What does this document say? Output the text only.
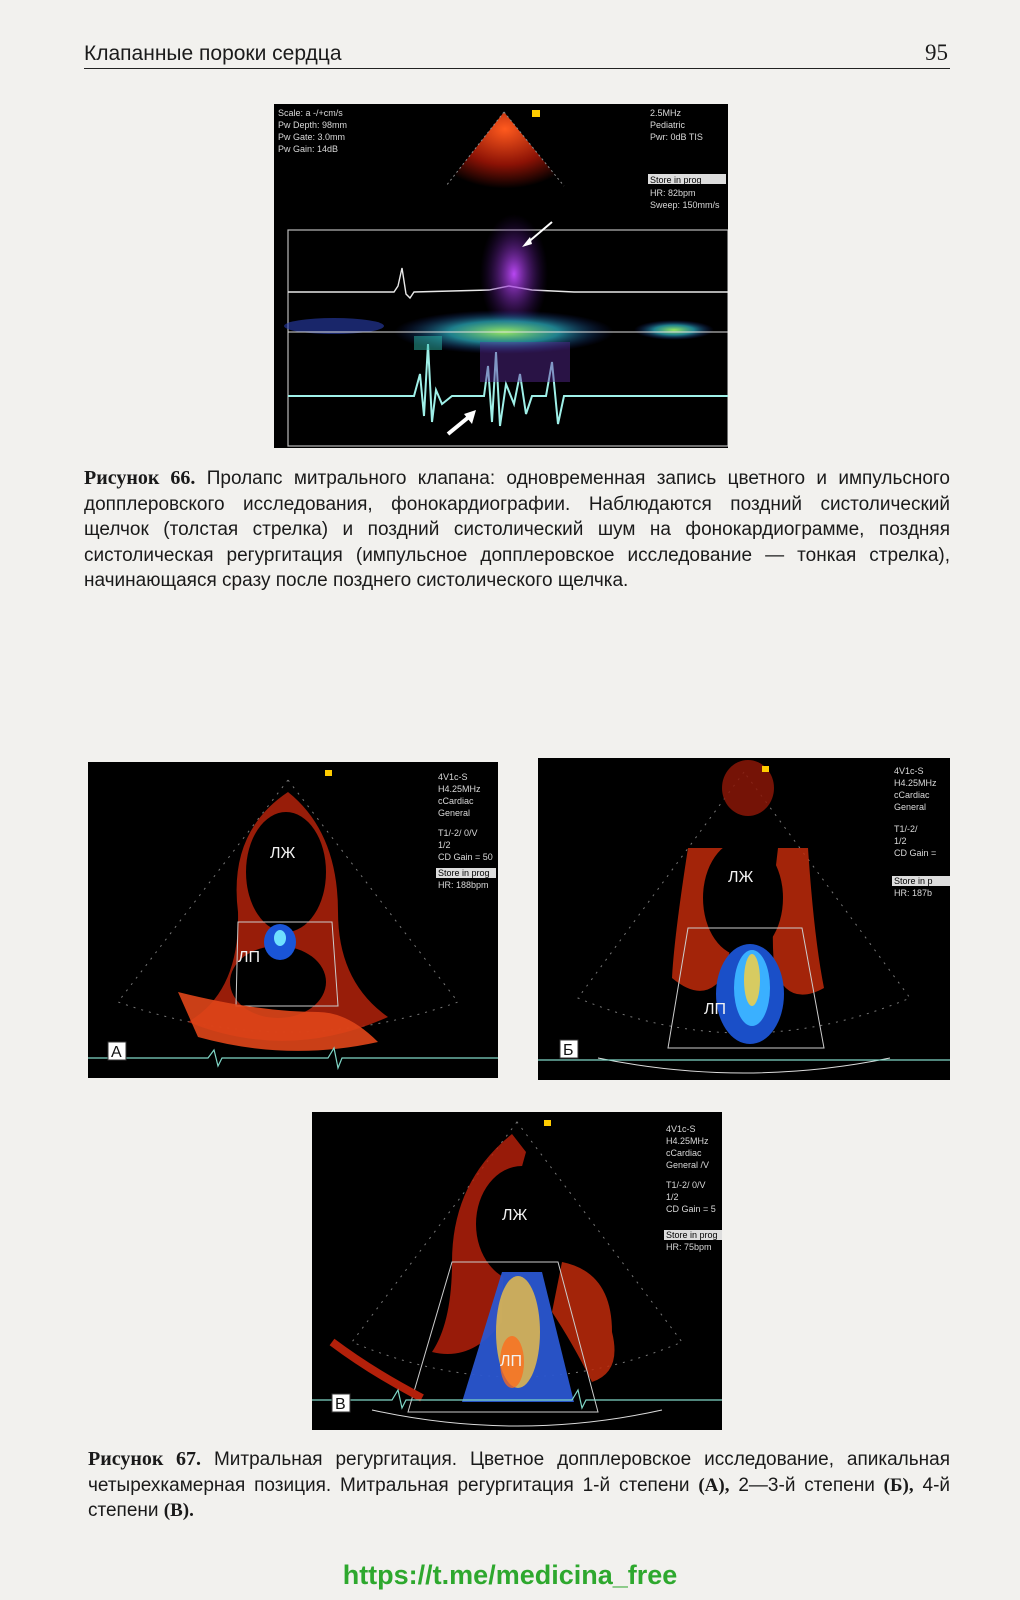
Клапанные пороки сердца	95
Scale: a -/+cm/s
Pw Depth: 98mm
Pw Gate: 3.0mm
Pw Gain: 14dB
2.5MHz
Pediatric
Pwr: 0dB TIS
Store in prog
HR: 82bpm
Sweep: 150mm/s
Рисунок 66. Пролапс митрального клапана: одновременная запись цветного и импульсного допплеровского исследования, фонокардиографии. Наблюдаются поздний систолический щелчок (толстая стрелка) и поздний систолический шум на фонокардиограмме, поздняя систолическая регургитация (импульсное допплеровское исследование — тонкая стрелка), начинающаяся сразу после позднего систолического щелчка.
ЛЖ
ЛП
4V1c-S
H4.25MHz
cCardiac
General
T1/-2/ 0/V
1/2
CD Gain = 50
Store in prog
HR: 188bpm
А
ЛЖ
ЛП
4V1c-S
H4.25MHz
cCardiac
General
T1/-2/
1/2
CD Gain =
Store in p
HR: 187b
Б
ЛЖ
ЛП
4V1c-S
H4.25MHz
cCardiac
General /V
T1/-2/ 0/V
1/2
CD Gain = 5
Store in prog
HR: 75bpm
В
Рисунок 67. Митральная регургитация. Цветное допплеровское исследование, апикальная четырехкамерная позиция. Митральная регургитация 1-й степени (А), 2—3-й степени (Б), 4-й степени (В).
https://t.me/medicina_free
